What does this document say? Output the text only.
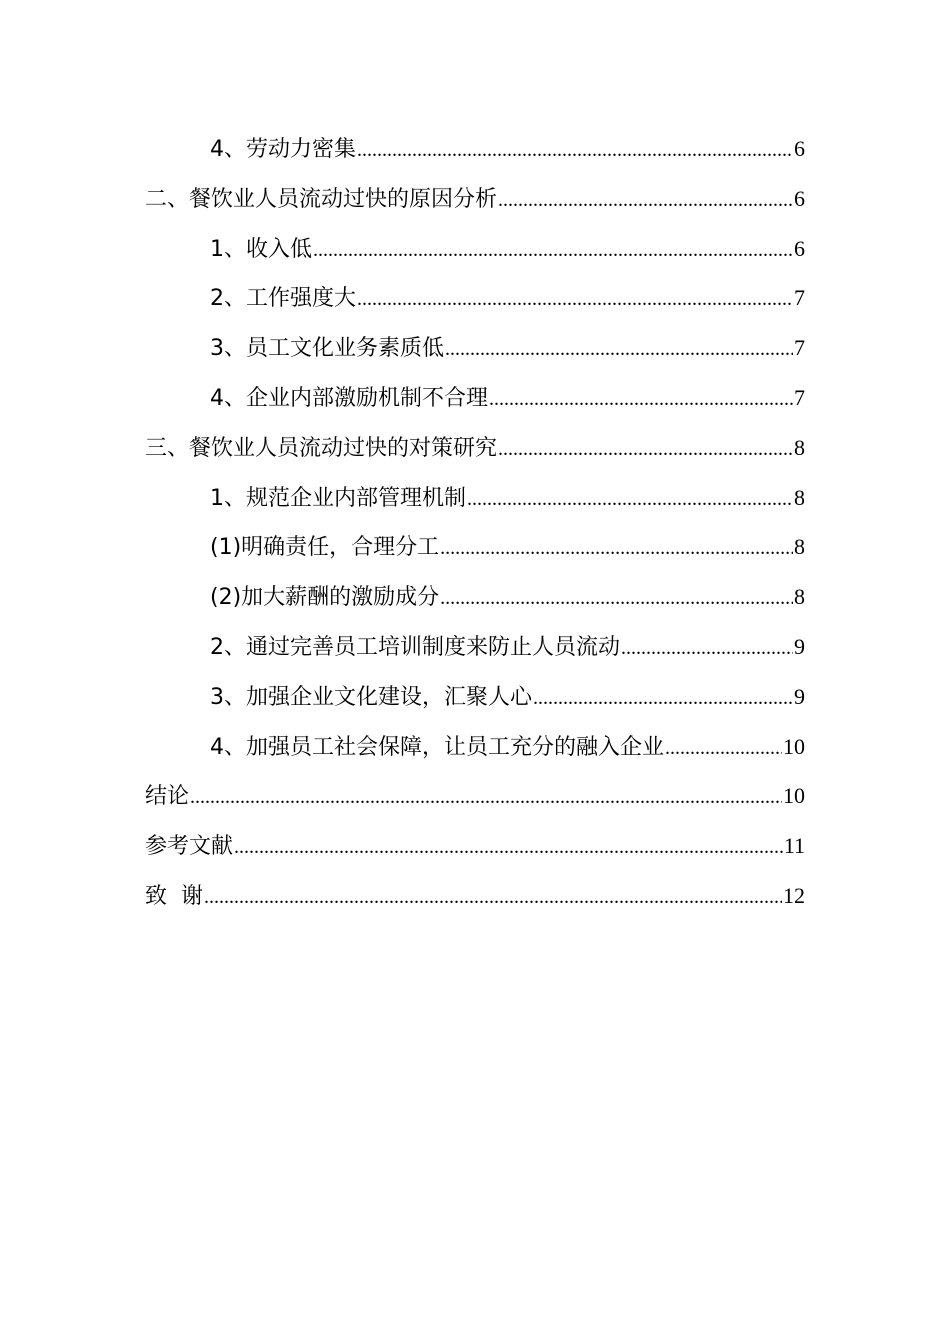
4、劳动力密集 .....	6
二、 餐饮业人员流动过快的原因分析 .....	6
1、收入低 .....	6
2、工作强度大 .....	7
3、员工文化业务素质低 .....	7
4、企业内部激励机制不合理 .....	7
三、 餐饮业人员流动过快的对策研究 .....	8
1、规范企业内部管理机制 .....	8
(1)明确责任，合理分工 .....	8
(2)加大薪酬的激励成分 .....	8
2、通过完善员工培训制度来防止人员流动 .....	9
3、加强企业文化建设，汇聚人心 .....	9
4、加强员工社会保障，让员工充分的融入企业 .....	10
结论 .....	10
参考文献 .....	11
致  谢 .....	12
